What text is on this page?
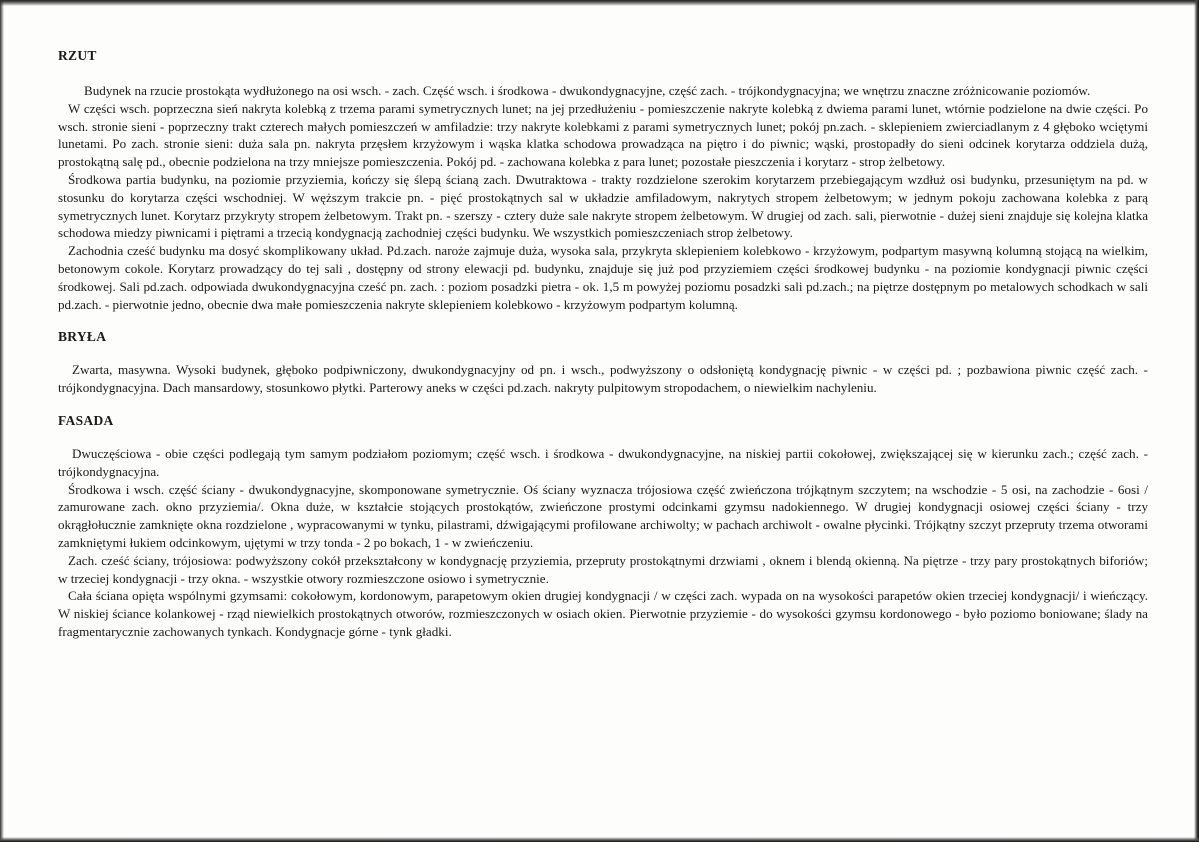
RZUT

Budynek na rzucie prostokąta wydłużonego na osi wsch. - zach. Część wsch. i środkowa - dwukondygnacyjne, część zach. - trójkondygnacyjna; we wnętrzu znaczne zróżnicowanie poziomów.

W części wsch. poprzeczna sień nakryta kolebką z trzema parami symetrycznych lunet; na jej przedłużeniu - pomieszczenie nakryte kolebką z dwiema parami lunet, wtórnie podzielone na dwie części. Po wsch. stronie sieni - poprzeczny trakt czterech małych pomieszczeń w amfiladzie: trzy nakryte kolebkami z parami symetrycznych lunet; pokój pn.zach. - sklepieniem zwierciadlanym z 4 głęboko wciętymi lunetami. Po zach. stronie sieni: duża sala pn. nakryta przęsłem krzyżowym i wąska klatka schodowa prowadząca na piętro i do piwnic; wąski, prostopadły do sieni odcinek korytarza oddziela dużą, prostokątną salę pd., obecnie podzielona na trzy mniejsze pomieszczenia. Pokój pd. - zachowana kolebka z para lunet; pozostałe pieszczenia i korytarz - strop żelbetowy.

Środkowa partia budynku, na poziomie przyziemia, kończy się ślepą ścianą zach. Dwutraktowa - trakty rozdzielone szerokim korytarzem przebiegającym wzdłuż osi budynku, przesuniętym na pd. w stosunku do korytarza części wschodniej. W węższym trakcie pn. - pięć prostokątnych sal w układzie amfiladowym, nakrytych stropem żelbetowym; w jednym pokoju zachowana kolebka z parą symetrycznych lunet. Korytarz przykryty stropem żelbetowym. Trakt pn. - szerszy - cztery duże sale nakryte stropem żelbetowym. W drugiej od zach. sali, pierwotnie - dużej sieni znajduje się kolejna klatka schodowa miedzy piwnicami i piętrami a trzecią kondygnacją zachodniej części budynku. We wszystkich pomieszczeniach strop żelbetowy.

Zachodnia cześć budynku ma dosyć skomplikowany układ. Pd.zach. naroże zajmuje duża, wysoka sala, przykryta sklepieniem kolebkowo - krzyżowym, podpartym masywną kolumną stojącą na wielkim, betonowym cokole. Korytarz prowadzący do tej sali , dostępny od strony elewacji pd. budynku, znajduje się już pod przyziemiem części środkowej budynku - na poziomie kondygnacji piwnic części środkowej. Sali pd.zach. odpowiada dwukondygnacyjna cześć pn. zach. : poziom posadzki pietra - ok. 1,5 m powyżej poziomu posadzki sali pd.zach.; na piętrze dostępnym po metalowych schodkach w sali pd.zach. - pierwotnie jedno, obecnie dwa małe pomieszczenia nakryte sklepieniem kolebkowo - krzyżowym podpartym kolumną.

BRYŁA

Zwarta, masywna. Wysoki budynek, głęboko podpiwniczony, dwukondygnacyjny od pn. i wsch., podwyższony o odsłoniętą kondygnację piwnic - w części pd. ; pozbawiona piwnic część zach. - trójkondygnacyjna. Dach mansardowy, stosunkowo płytki. Parterowy aneks w części pd.zach. nakryty pulpitowym stropodachem, o niewielkim nachyleniu.

FASADA

Dwuczęściowa - obie części podlegają tym samym podziałom poziomym; część wsch. i środkowa - dwukondygnacyjne, na niskiej partii cokołowej, zwiększającej się w kierunku zach.; część zach. - trójkondygnacyjna.

Środkowa i wsch. część ściany - dwukondygnacyjne, skomponowane symetrycznie. Oś ściany wyznacza trójosiowa część zwieńczona trójkątnym szczytem; na wschodzie - 5 osi, na zachodzie - 6osi / zamurowane zach. okno przyziemia/. Okna duże, w kształcie stojących prostokątów, zwieńczone prostymi odcinkami gzymsu nadokiennego. W drugiej kondygnacji osiowej części ściany - trzy okrągłołucznie zamknięte okna rozdzielone , wypracowanymi w tynku, pilastrami, dźwigającymi profilowane archiwolty; w pachach archiwolt - owalne płycinki. Trójkątny szczyt przepruty trzema otworami zamkniętymi łukiem odcinkowym, ujętymi w trzy tonda - 2 po bokach, 1 - w zwieńczeniu.

Zach. cześć ściany, trójosiowa: podwyższony cokół przekształcony w kondygnację przyziemia, przepruty prostokątnymi drzwiami , oknem i blendą okienną. Na piętrze - trzy pary prostokątnych biforiów; w trzeciej kondygnacji - trzy okna. - wszystkie otwory rozmieszczone osiowo i symetrycznie.

Cała ściana opięta wspólnymi gzymsami: cokołowym, kordonowym, parapetowym okien drugiej kondygnacji / w części zach. wypada on na wysokości parapetów okien trzeciej kondygnacji/ i wieńczący. W niskiej ściance kolankowej - rząd niewielkich prostokątnych otworów, rozmieszczonych w osiach okien. Pierwotnie przyziemie - do wysokości gzymsu kordonowego - było poziomo boniowane; ślady na fragmentarycznie zachowanych tynkach. Kondygnacje górne - tynk gładki.
